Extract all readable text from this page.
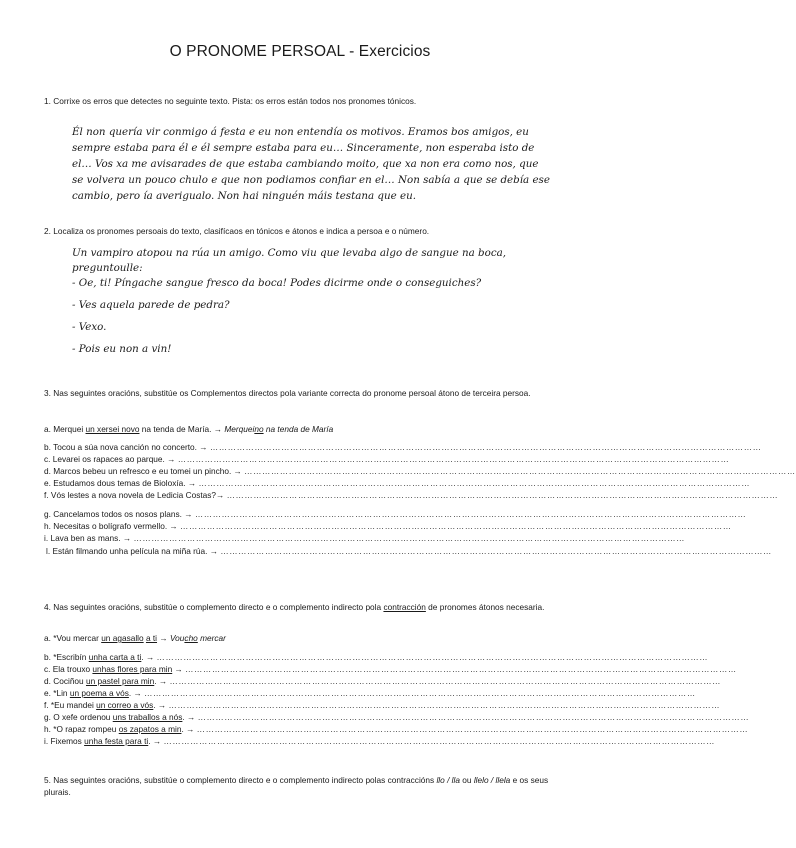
O PRONOME PERSOAL - Exercicios
1. Corrixe os erros que detectes no seguinte texto. Pista: os erros están todos nos pronomes tónicos.
Él non quería vir conmigo á festa e eu non entendía os motivos. Eramos bos amigos, eu sempre estaba para él e él sempre estaba para eu… Sinceramente, non esperaba isto de el… Vos xa me avisarades de que estaba cambiando moito, que xa non era como nos, que se volvera un pouco chulo e que non podiamos confiar en el… Non sabía a que se debía ese cambio, pero ía averigualo. Non hai ninguén máis testana que eu.
2. Localiza os pronomes persoais do texto, clasifícaos en tónicos e átonos e indica a persoa e o número.

Un vampiro atopou na rúa un amigo. Como viu que levaba algo de sangue na boca, preguntoulle:

- Oe, ti! Píngache sangue fresco da boca! Podes dicirme onde o conseguiches?

- Ves aquela parede de pedra?

- Vexo.

- Pois eu non a vin!

3. Nas seguintes oracións, substitúe os Complementos directos pola variante correcta do pronome persoal átono de terceira persoa.
a. Merquei un xersei novo na tenda de María. → Merqueino na tenda de María
b. Tocou a súa nova canción no concerto. → ……………………………………………………………………………………………………………………………………………………………………
c. Levarei os rapaces ao parque. → ……………………………………………………………………………………………………………………………………………………………………
d. Marcos bebeu un refresco e eu tomei un pincho. → ……………………………………………………………………………………………………………………………………………………………………
e. Estudamos dous temas de Bioloxía. → ……………………………………………………………………………………………………………………………………………………………………
f. Vós lestes a nova novela de Ledicia Costas?→ ……………………………………………………………………………………………………………………………………………………………………
g. Cancelamos todos os nosos plans. → ……………………………………………………………………………………………………………………………………………………………………
h. Necesitas o bolígrafo vermello. → ……………………………………………………………………………………………………………………………………………………………………
i. Lava ben as mans. → ……………………………………………………………………………………………………………………………………………………………………
l. Están filmando unha película na miña rúa. → ……………………………………………………………………………………………………………………………………………………………………
4. Nas seguintes oracións, substitúe o complemento directo e o complemento indirecto pola contracción de pronomes átonos necesaria.
a. *Vou mercar un agasallo a ti → Voucho mercar
b. *Escribín unha carta a ti. → ……………………………………………………………………………………………………………………………………………………………………
c. Ela trouxo unhas flores para min → ……………………………………………………………………………………………………………………………………………………………………
d. Cociñou un pastel para min. → ……………………………………………………………………………………………………………………………………………………………………
e. *Lin un poema a vós. → ……………………………………………………………………………………………………………………………………………………………………
f. *Eu mandei un correo a vós. → ……………………………………………………………………………………………………………………………………………………………………
g. O xefe ordenou uns traballos a nós. → ……………………………………………………………………………………………………………………………………………………………………
h. *O rapaz rompeu os zapatos a min. → ……………………………………………………………………………………………………………………………………………………………………
i. Fixemos unha festa para ti. → ……………………………………………………………………………………………………………………………………………………………………
5. Nas seguintes oracións, substitúe o complemento directo e o complemento indirecto polas contraccións llo / lla ou llelo / llela e os seus plurais.
